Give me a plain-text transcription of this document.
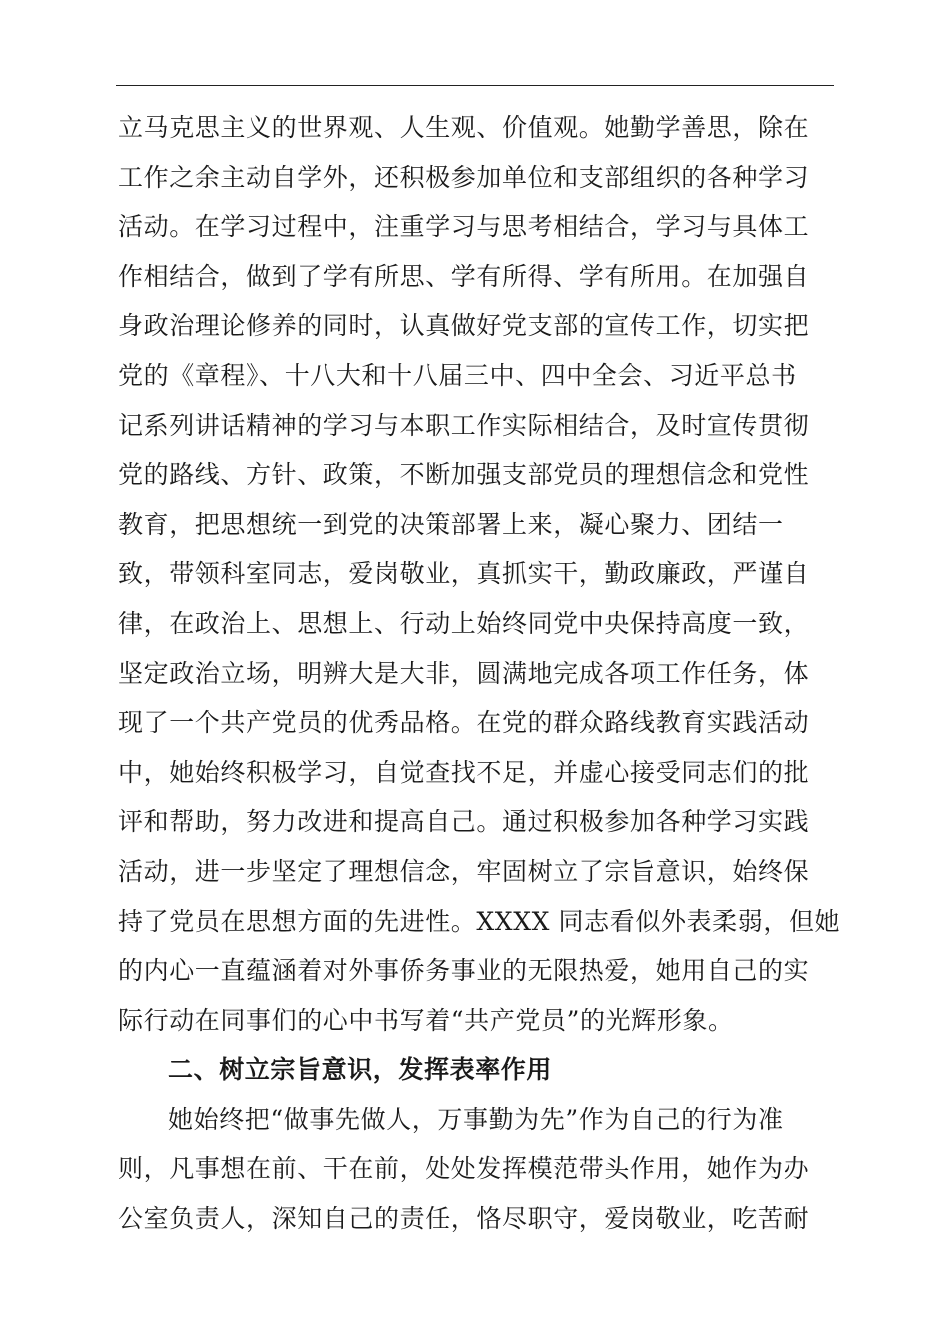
立马克思主义的世界观、人生观、价值观。她勤学善思，除在
工作之余主动自学外，还积极参加单位和支部组织的各种学习
活动。在学习过程中，注重学习与思考相结合，学习与具体工
作相结合，做到了学有所思、学有所得、学有所用。在加强自
身政治理论修养的同时，认真做好党支部的宣传工作，切实把
党的《章程》、十八大和十八届三中、四中全会、习近平总书
记系列讲话精神的学习与本职工作实际相结合，及时宣传贯彻
党的路线、方针、政策，不断加强支部党员的理想信念和党性
教育，把思想统一到党的决策部署上来，凝心聚力、团结一
致，带领科室同志，爱岗敬业，真抓实干，勤政廉政，严谨自
律，在政治上、思想上、行动上始终同党中央保持高度一致，
坚定政治立场，明辨大是大非，圆满地完成各项工作任务，体
现了一个共产党员的优秀品格。在党的群众路线教育实践活动
中，她始终积极学习，自觉查找不足，并虚心接受同志们的批
评和帮助，努力改进和提高自己。通过积极参加各种学习实践
活动，进一步坚定了理想信念，牢固树立了宗旨意识，始终保
持了党员在思想方面的先进性。XXXX 同志看似外表柔弱，但她
的内心一直蕴涵着对外事侨务事业的无限热爱，她用自己的实
际行动在同事们的心中书写着“共产党员”的光辉形象。
二、树立宗旨意识，发挥表率作用
她始终把“做事先做人，万事勤为先”作为自己的行为准
则，凡事想在前、干在前，处处发挥模范带头作用，她作为办
公室负责人，深知自己的责任，恪尽职守，爱岗敬业，吃苦耐
